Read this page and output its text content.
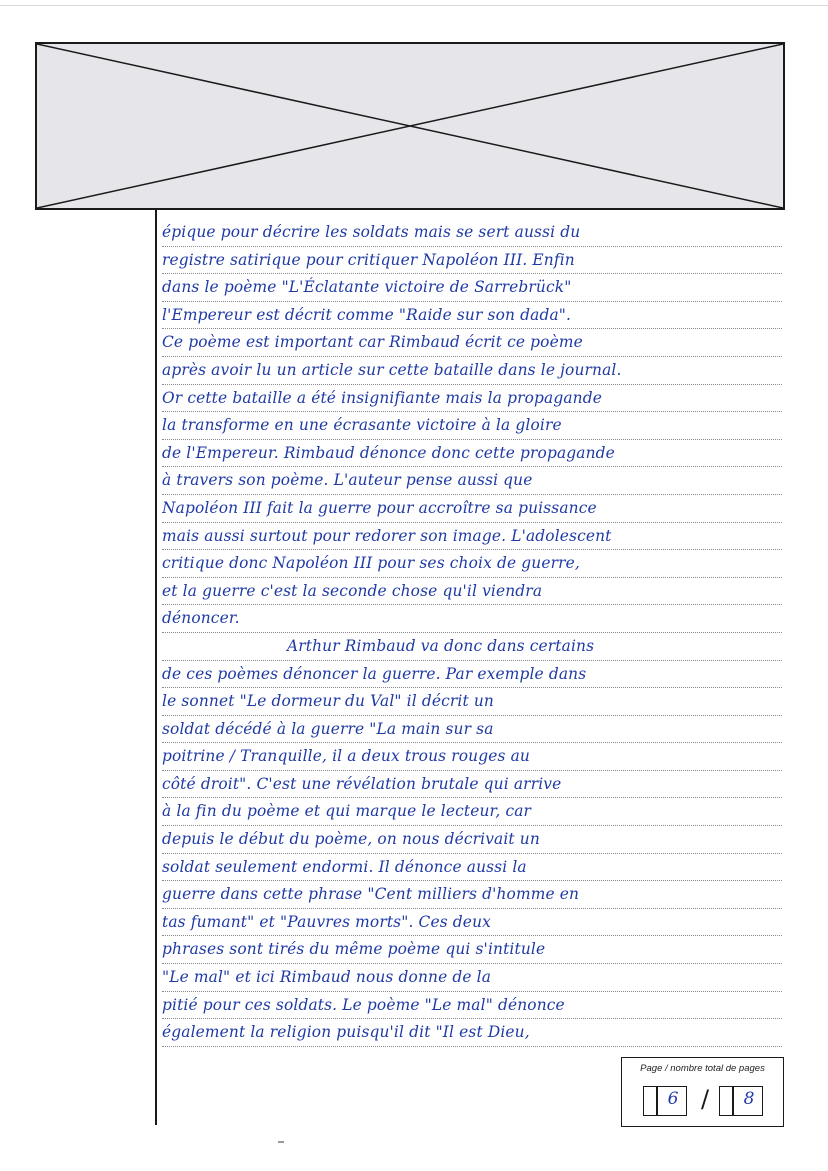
épique pour décrire les soldats mais se sert aussi du
registre satirique pour critiquer Napoléon III. Enfin
dans le poème "L'Éclatante victoire de Sarrebrück"
l'Empereur est décrit comme "Raide sur son dada".
Ce poème est important car Rimbaud écrit ce poème
après avoir lu un article sur cette bataille dans le journal.
Or cette bataille a été insignifiante mais la propagande
la transforme en une écrasante victoire à la gloire
de l'Empereur. Rimbaud dénonce donc cette propagande
à travers son poème. L'auteur pense aussi que
Napoléon III fait la guerre pour accroître sa puissance
mais aussi surtout pour redorer son image. L'adolescent
critique donc Napoléon III pour ses choix de guerre,
et la guerre c'est la seconde chose qu'il viendra
dénoncer.
Arthur Rimbaud va donc dans certains
de ces poèmes dénoncer la guerre. Par exemple dans
le sonnet "Le dormeur du Val" il décrit un
soldat décédé à la guerre "La main sur sa
poitrine / Tranquille, il a deux trous rouges au
côté droit". C'est une révélation brutale qui arrive
à la fin du poème et qui marque le lecteur, car
depuis le début du poème, on nous décrivait un
soldat seulement endormi. Il dénonce aussi la
guerre dans cette phrase "Cent milliers d'homme en
tas fumant" et "Pauvres morts". Ces deux
phrases sont tirés du même poème qui s'intitule
"Le mal" et ici Rimbaud nous donne de la
pitié pour ces soldats. Le poème "Le mal" dénonce
également la religion puisqu'il dit "Il est Dieu,
Page / nombre total de pages
6 /	8
